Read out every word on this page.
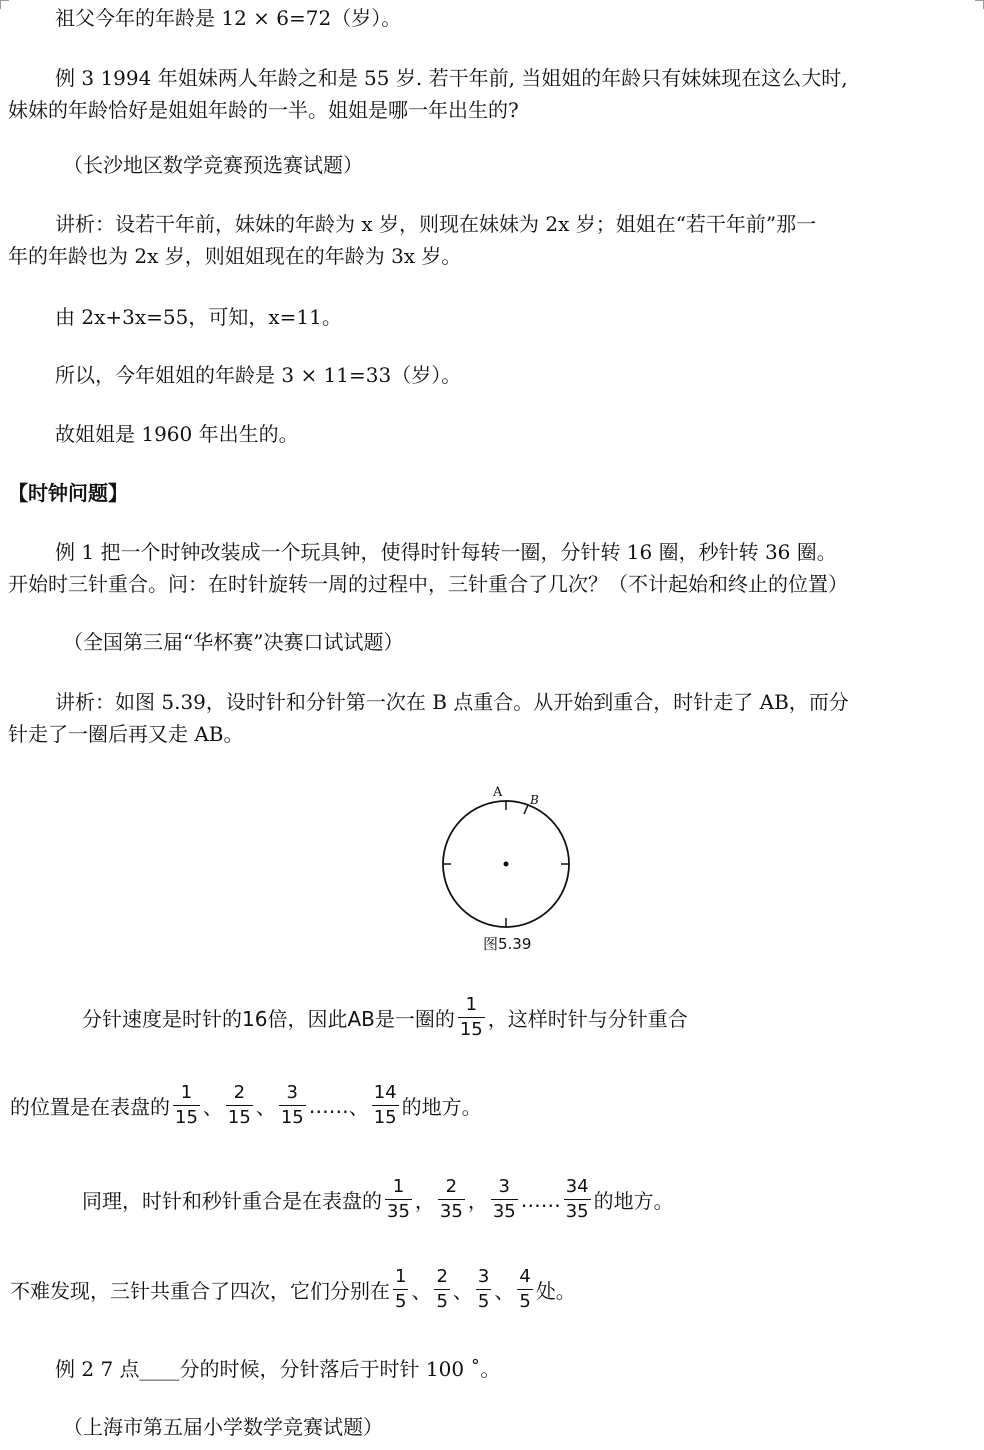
祖父今年的年龄是 12 × 6=72（岁）。
例 3 1994 年姐妹两人年龄之和是 55 岁. 若干年前, 当姐姐的年龄只有妹妹现在这么大时,
妹妹的年龄恰好是姐姐年龄的一半。姐姐是哪一年出生的?
（长沙地区数学竞赛预选赛试题）
讲析：设若干年前，妹妹的年龄为 x 岁，则现在妹妹为 2x 岁；姐姐在“若干年前”那一
年的年龄也为 2x 岁，则姐姐现在的年龄为 3x 岁。
由 2x+3x=55，可知，x=11。
所以，今年姐姐的年龄是 3 × 11=33（岁）。
故姐姐是 1960 年出生的。
【时钟问题】
例 1 把一个时钟改装成一个玩具钟，使得时针每转一圈，分针转 16 圈，秒针转 36 圈。
开始时三针重合。问：在时针旋转一周的过程中，三针重合了几次？（不计起始和终止的位置）
（全国第三届“华杯赛”决赛口试试题）
讲析：如图 5.39，设时针和分针第一次在 B 点重合。从开始到重合，时针走了 AB，而分
针走了一圈后再又走 AB。
A B
图5.39
分针速度是时针的16倍，因此AB是一圈的 $\frac{1}{15}$ ，这样时针与分针重合
的位置是在表盘的 $\frac{1}{15}$ 、 $\frac{2}{15}$ 、 $\frac{3}{15}$ …… 、 $\frac{14}{15}$ 的地方。
同理，时针和秒针重合是在表盘的 $\frac{1}{35}$ ， $\frac{2}{35}$ ， $\frac{3}{35}$ …… $\frac{34}{35}$ 的地方。
不难发现，三针共重合了四次，它们分别在 $\frac{1}{5}$ 、 $\frac{2}{5}$ 、 $\frac{3}{5}$ 、 $\frac{4}{5}$ 处。
例 2 7 点____分的时候，分针落后于时针 100 ˚。
（上海市第五届小学数学竞赛试题）
